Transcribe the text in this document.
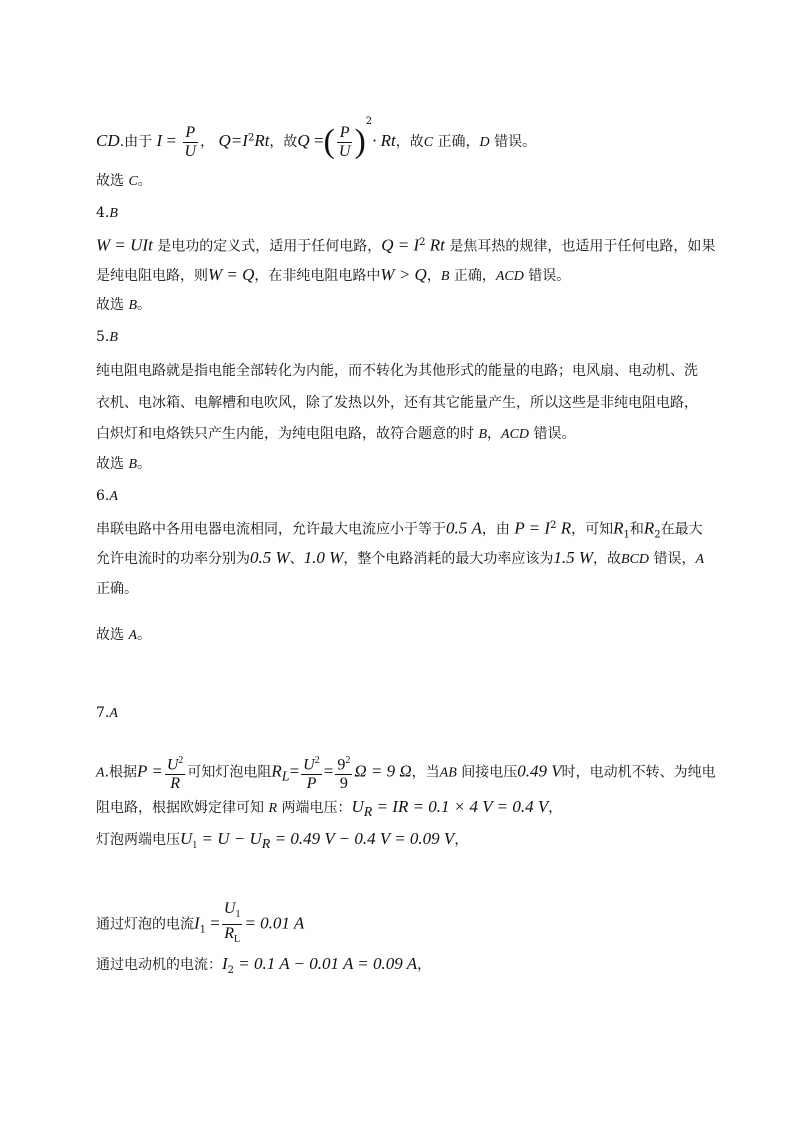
CD.由于 $I = \frac{P}{U}$ ， $Q=I^2Rt$，故Q =( $\frac{P}{U} )^2\cdot Rt$，故C 正确，D 错误。
故选 C。
4.B
W = UIt 是电功的定义式，适用于任何电路，$Q = I^2$ Rt 是焦耳热的规律，也适用于任何电路，如果
是纯电阻电路，则W = Q，在非纯电阻电路中W > Q，B 正确，ACD 错误。
故选 B。
5.B
纯电阻电路就是指电能全部转化为内能，而不转化为其他形式的能量的电路；电风扇、电动机、洗
衣机、电冰箱、电解槽和电吹风，除了发热以外，还有其它能量产生，所以这些是非纯电阻电路，
白炽灯和电烙铁只产生内能，为纯电阻电路，故符合题意的时 B，ACD 错误。
故选 B。
6.A
串联电路中各用电器电流相同，允许最大电流应小于等于0.5 A，由 $P = I^2$ R，可知$R_1$和$R_2$在最大
允许电流时的功率分别为0.5 W、1.0 W，整个电路消耗的最大功率应该为1.5 W，故BCD 错误，A
正确。
故选 A。
7.A
A.根据$P = \frac{U^2}{R}$ 可知灯泡电阻$R_L= \frac{U^2}{P} = \frac{9^2}{9}$ Ω = 9 Ω，当AB 间接电压0.49 V时，电动机不转、为纯电
阻电路，根据欧姆定律可知 R 两端电压：$U_R$ = IR = 0.1 × 4 V = 0.4 V，
灯泡两端电压$U_1 = U - U_R = 0.49$ V − 0.4 V = 0.09 V，
通过灯泡的电流$I_1 = \frac{U_1}{R_L} = 0.01$ A
通过电动机的电流：$I_2 = 0.1$ A − 0.01 A = 0.09 A，
